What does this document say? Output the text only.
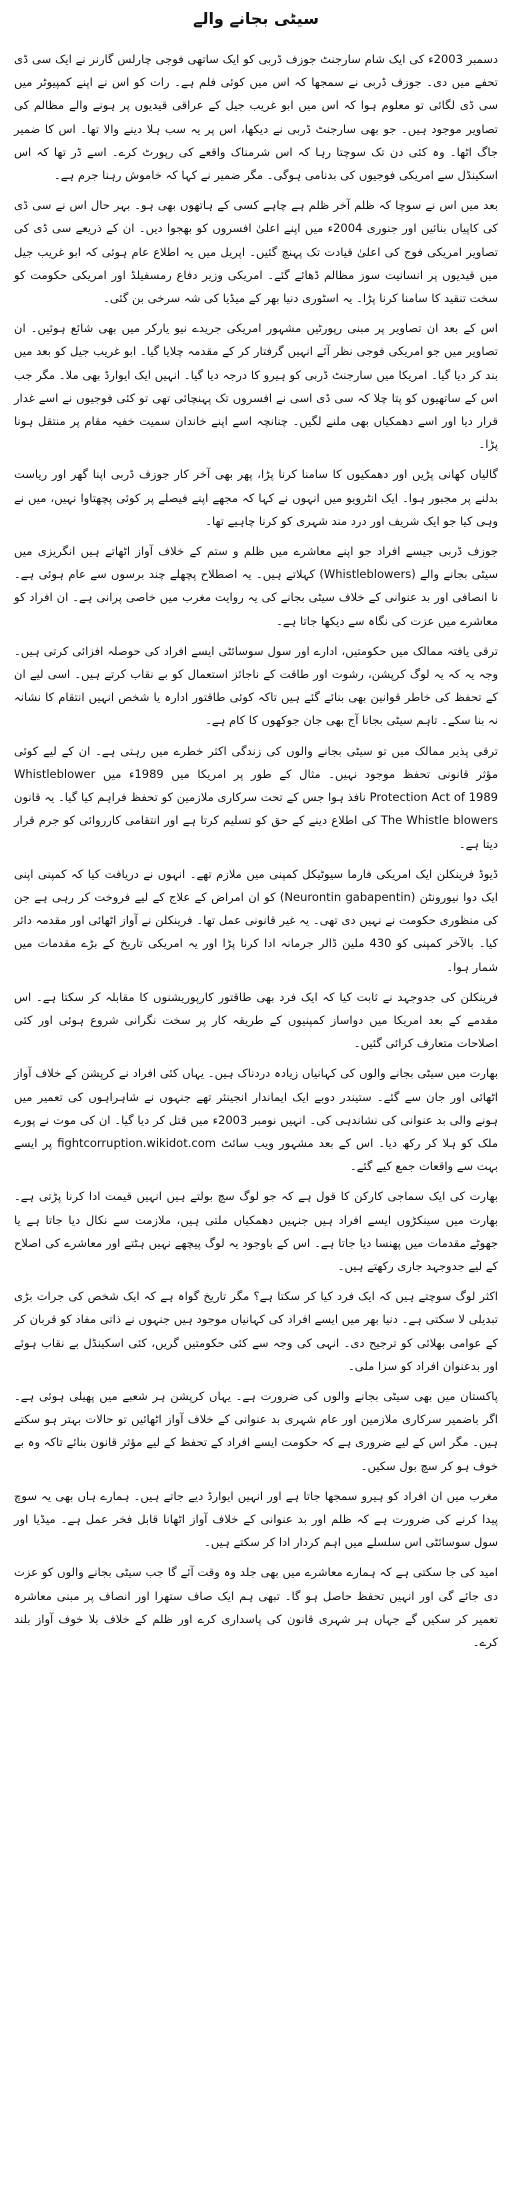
سیٹی بجانے والے

دسمبر 2003ء کی ایک شام سارجنٹ جوزف ڈربی کو ایک ساتھی فوجی چارلس گارنر نے ایک سی ڈی تحفے میں دی۔ جوزف ڈربی نے سمجھا کہ اس میں کوئی فلم ہے۔ رات کو اس نے اپنے کمپیوٹر میں سی ڈی لگائی تو معلوم ہوا کہ اس میں ابو غریب جیل کے عراقی قیدیوں پر ہونے والے مظالم کی تصاویر موجود ہیں۔ جو بھی سارجنٹ ڈربی نے دیکھا، اس پر یہ سب ہلا دینے والا تھا۔ اس کا ضمیر جاگ اٹھا۔ وہ کئی دن تک سوچتا رہا کہ اس شرمناک واقعے کی رپورٹ کرے۔ اسے ڈر تھا کہ اس اسکینڈل سے امریکی فوجیوں کی بدنامی ہوگی۔ مگر ضمیر نے کہا کہ خاموش رہنا جرم ہے۔

بعد میں اس نے سوچا کہ ظلم آخر ظلم ہے چاہے کسی کے ہاتھوں بھی ہو۔ بہر حال اس نے سی ڈی کی کاپیاں بنائیں اور جنوری 2004ء میں اپنے اعلیٰ افسروں کو بھجوا دیں۔ ان کے ذریعے سی ڈی کی تصاویر امریکی فوج کی اعلیٰ قیادت تک پہنچ گئیں۔ اپریل میں یہ اطلاع عام ہوئی کہ ابو غریب جیل میں قیدیوں پر انسانیت سوز مظالم ڈھائے گئے۔ امریکی وزیر دفاع رمسفیلڈ اور امریکی حکومت کو سخت تنقید کا سامنا کرنا پڑا۔ یہ اسٹوری دنیا بھر کے میڈیا کی شہ سرخی بن گئی۔

اس کے بعد ان تصاویر پر مبنی رپورٹیں مشہور امریکی جریدے نیو یارکر میں بھی شائع ہوئیں۔ ان تصاویر میں جو امریکی فوجی نظر آئے انہیں گرفتار کر کے مقدمہ چلایا گیا۔ ابو غریب جیل کو بعد میں بند کر دیا گیا۔ امریکا میں سارجنٹ ڈربی کو ہیرو کا درجہ دیا گیا۔ انہیں ایک ایوارڈ بھی ملا۔ مگر جب اس کے ساتھیوں کو پتا چلا کہ سی ڈی اسی نے افسروں تک پہنچائی تھی تو کئی فوجیوں نے اسے غدار قرار دیا اور اسے دھمکیاں بھی ملنے لگیں۔ چنانچہ اسے اپنے خاندان سمیت خفیہ مقام پر منتقل ہونا پڑا۔

گالیاں کھانی پڑیں اور دھمکیوں کا سامنا کرنا پڑا، پھر بھی آخر کار جوزف ڈربی اپنا گھر اور ریاست بدلنے پر مجبور ہوا۔ ایک انٹرویو میں انہوں نے کہا کہ مجھے اپنے فیصلے پر کوئی پچھتاوا نہیں، میں نے وہی کیا جو ایک شریف اور درد مند شہری کو کرنا چاہیے تھا۔

جوزف ڈربی جیسے افراد جو اپنے معاشرے میں ظلم و ستم کے خلاف آواز اٹھاتے ہیں انگریزی میں سیٹی بجانے والے (Whistleblowers) کہلاتے ہیں۔ یہ اصطلاح پچھلے چند برسوں سے عام ہوئی ہے۔ نا انصافی اور بد عنوانی کے خلاف سیٹی بجانے کی یہ روایت مغرب میں خاصی پرانی ہے۔ ان افراد کو معاشرے میں عزت کی نگاہ سے دیکھا جاتا ہے۔

ترقی یافتہ ممالک میں حکومتیں، ادارے اور سول سوسائٹی ایسے افراد کی حوصلہ افزائی کرتی ہیں۔ وجہ یہ کہ یہ لوگ کرپشن، رشوت اور طاقت کے ناجائز استعمال کو بے نقاب کرتے ہیں۔ اسی لیے ان کے تحفظ کی خاطر قوانین بھی بنائے گئے ہیں تاکہ کوئی طاقتور ادارہ یا شخص انہیں انتقام کا نشانہ نہ بنا سکے۔ تاہم سیٹی بجانا آج بھی جان جوکھوں کا کام ہے۔

ترقی پذیر ممالک میں تو سیٹی بجانے والوں کی زندگی اکثر خطرے میں رہتی ہے۔ ان کے لیے کوئی مؤثر قانونی تحفظ موجود نہیں۔ مثال کے طور پر امریکا میں 1989ء میں Whistleblower Protection Act of 1989 نافذ ہوا جس کے تحت سرکاری ملازمین کو تحفظ فراہم کیا گیا۔ یہ قانون The Whistle blowers کی اطلاع دینے کے حق کو تسلیم کرتا ہے اور انتقامی کارروائی کو جرم قرار دیتا ہے۔

ڈیوڈ فرینکلن ایک امریکی فارما سیوٹیکل کمپنی میں ملازم تھے۔ انہوں نے دریافت کیا کہ کمپنی اپنی ایک دوا نیورونٹن (Neurontin gabapentin) کو ان امراض کے علاج کے لیے فروخت کر رہی ہے جن کی منظوری حکومت نے نہیں دی تھی۔ یہ غیر قانونی عمل تھا۔ فرینکلن نے آواز اٹھائی اور مقدمہ دائر کیا۔ بالآخر کمپنی کو 430 ملین ڈالر جرمانہ ادا کرنا پڑا اور یہ امریکی تاریخ کے بڑے مقدمات میں شمار ہوا۔

فرینکلن کی جدوجہد نے ثابت کیا کہ ایک فرد بھی طاقتور کارپوریشنوں کا مقابلہ کر سکتا ہے۔ اس مقدمے کے بعد امریکا میں دواساز کمپنیوں کے طریقہ کار پر سخت نگرانی شروع ہوئی اور کئی اصلاحات متعارف کرائی گئیں۔

بھارت میں سیٹی بجانے والوں کی کہانیاں زیادہ دردناک ہیں۔ یہاں کئی افراد نے کرپشن کے خلاف آواز اٹھائی اور جان سے گئے۔ ستیندر دوبے ایک ایماندار انجینئر تھے جنہوں نے شاہراہوں کی تعمیر میں ہونے والی بد عنوانی کی نشاندہی کی۔ انہیں نومبر 2003ء میں قتل کر دیا گیا۔ ان کی موت نے پورے ملک کو ہلا کر رکھ دیا۔ اس کے بعد مشہور ویب سائٹ fightcorruption.wikidot.com پر ایسے بہت سے واقعات جمع کیے گئے۔

بھارت کی ایک سماجی کارکن کا قول ہے کہ جو لوگ سچ بولتے ہیں انہیں قیمت ادا کرنا پڑتی ہے۔ بھارت میں سینکڑوں ایسے افراد ہیں جنہیں دھمکیاں ملتی ہیں، ملازمت سے نکال دیا جاتا ہے یا جھوٹے مقدمات میں پھنسا دیا جاتا ہے۔ اس کے باوجود یہ لوگ پیچھے نہیں ہٹتے اور معاشرے کی اصلاح کے لیے جدوجہد جاری رکھتے ہیں۔

اکثر لوگ سوچتے ہیں کہ ایک فرد کیا کر سکتا ہے؟ مگر تاریخ گواہ ہے کہ ایک شخص کی جرات بڑی تبدیلی لا سکتی ہے۔ دنیا بھر میں ایسے افراد کی کہانیاں موجود ہیں جنہوں نے ذاتی مفاد کو قربان کر کے عوامی بھلائی کو ترجیح دی۔ انہی کی وجہ سے کئی حکومتیں گریں، کئی اسکینڈل بے نقاب ہوئے اور بدعنوان افراد کو سزا ملی۔

پاکستان میں بھی سیٹی بجانے والوں کی ضرورت ہے۔ یہاں کرپشن ہر شعبے میں پھیلی ہوئی ہے۔ اگر باضمیر سرکاری ملازمین اور عام شہری بد عنوانی کے خلاف آواز اٹھائیں تو حالات بہتر ہو سکتے ہیں۔ مگر اس کے لیے ضروری ہے کہ حکومت ایسے افراد کے تحفظ کے لیے مؤثر قانون بنائے تاکہ وہ بے خوف ہو کر سچ بول سکیں۔

مغرب میں ان افراد کو ہیرو سمجھا جاتا ہے اور انہیں ایوارڈ دیے جاتے ہیں۔ ہمارے ہاں بھی یہ سوچ پیدا کرنے کی ضرورت ہے کہ ظلم اور بد عنوانی کے خلاف آواز اٹھانا قابل فخر عمل ہے۔ میڈیا اور سول سوسائٹی اس سلسلے میں اہم کردار ادا کر سکتے ہیں۔

امید کی جا سکتی ہے کہ ہمارے معاشرے میں بھی جلد وہ وقت آئے گا جب سیٹی بجانے والوں کو عزت دی جائے گی اور انہیں تحفظ حاصل ہو گا۔ تبھی ہم ایک صاف ستھرا اور انصاف پر مبنی معاشرہ تعمیر کر سکیں گے جہاں ہر شہری قانون کی پاسداری کرے اور ظلم کے خلاف بلا خوف آواز بلند کرے۔
